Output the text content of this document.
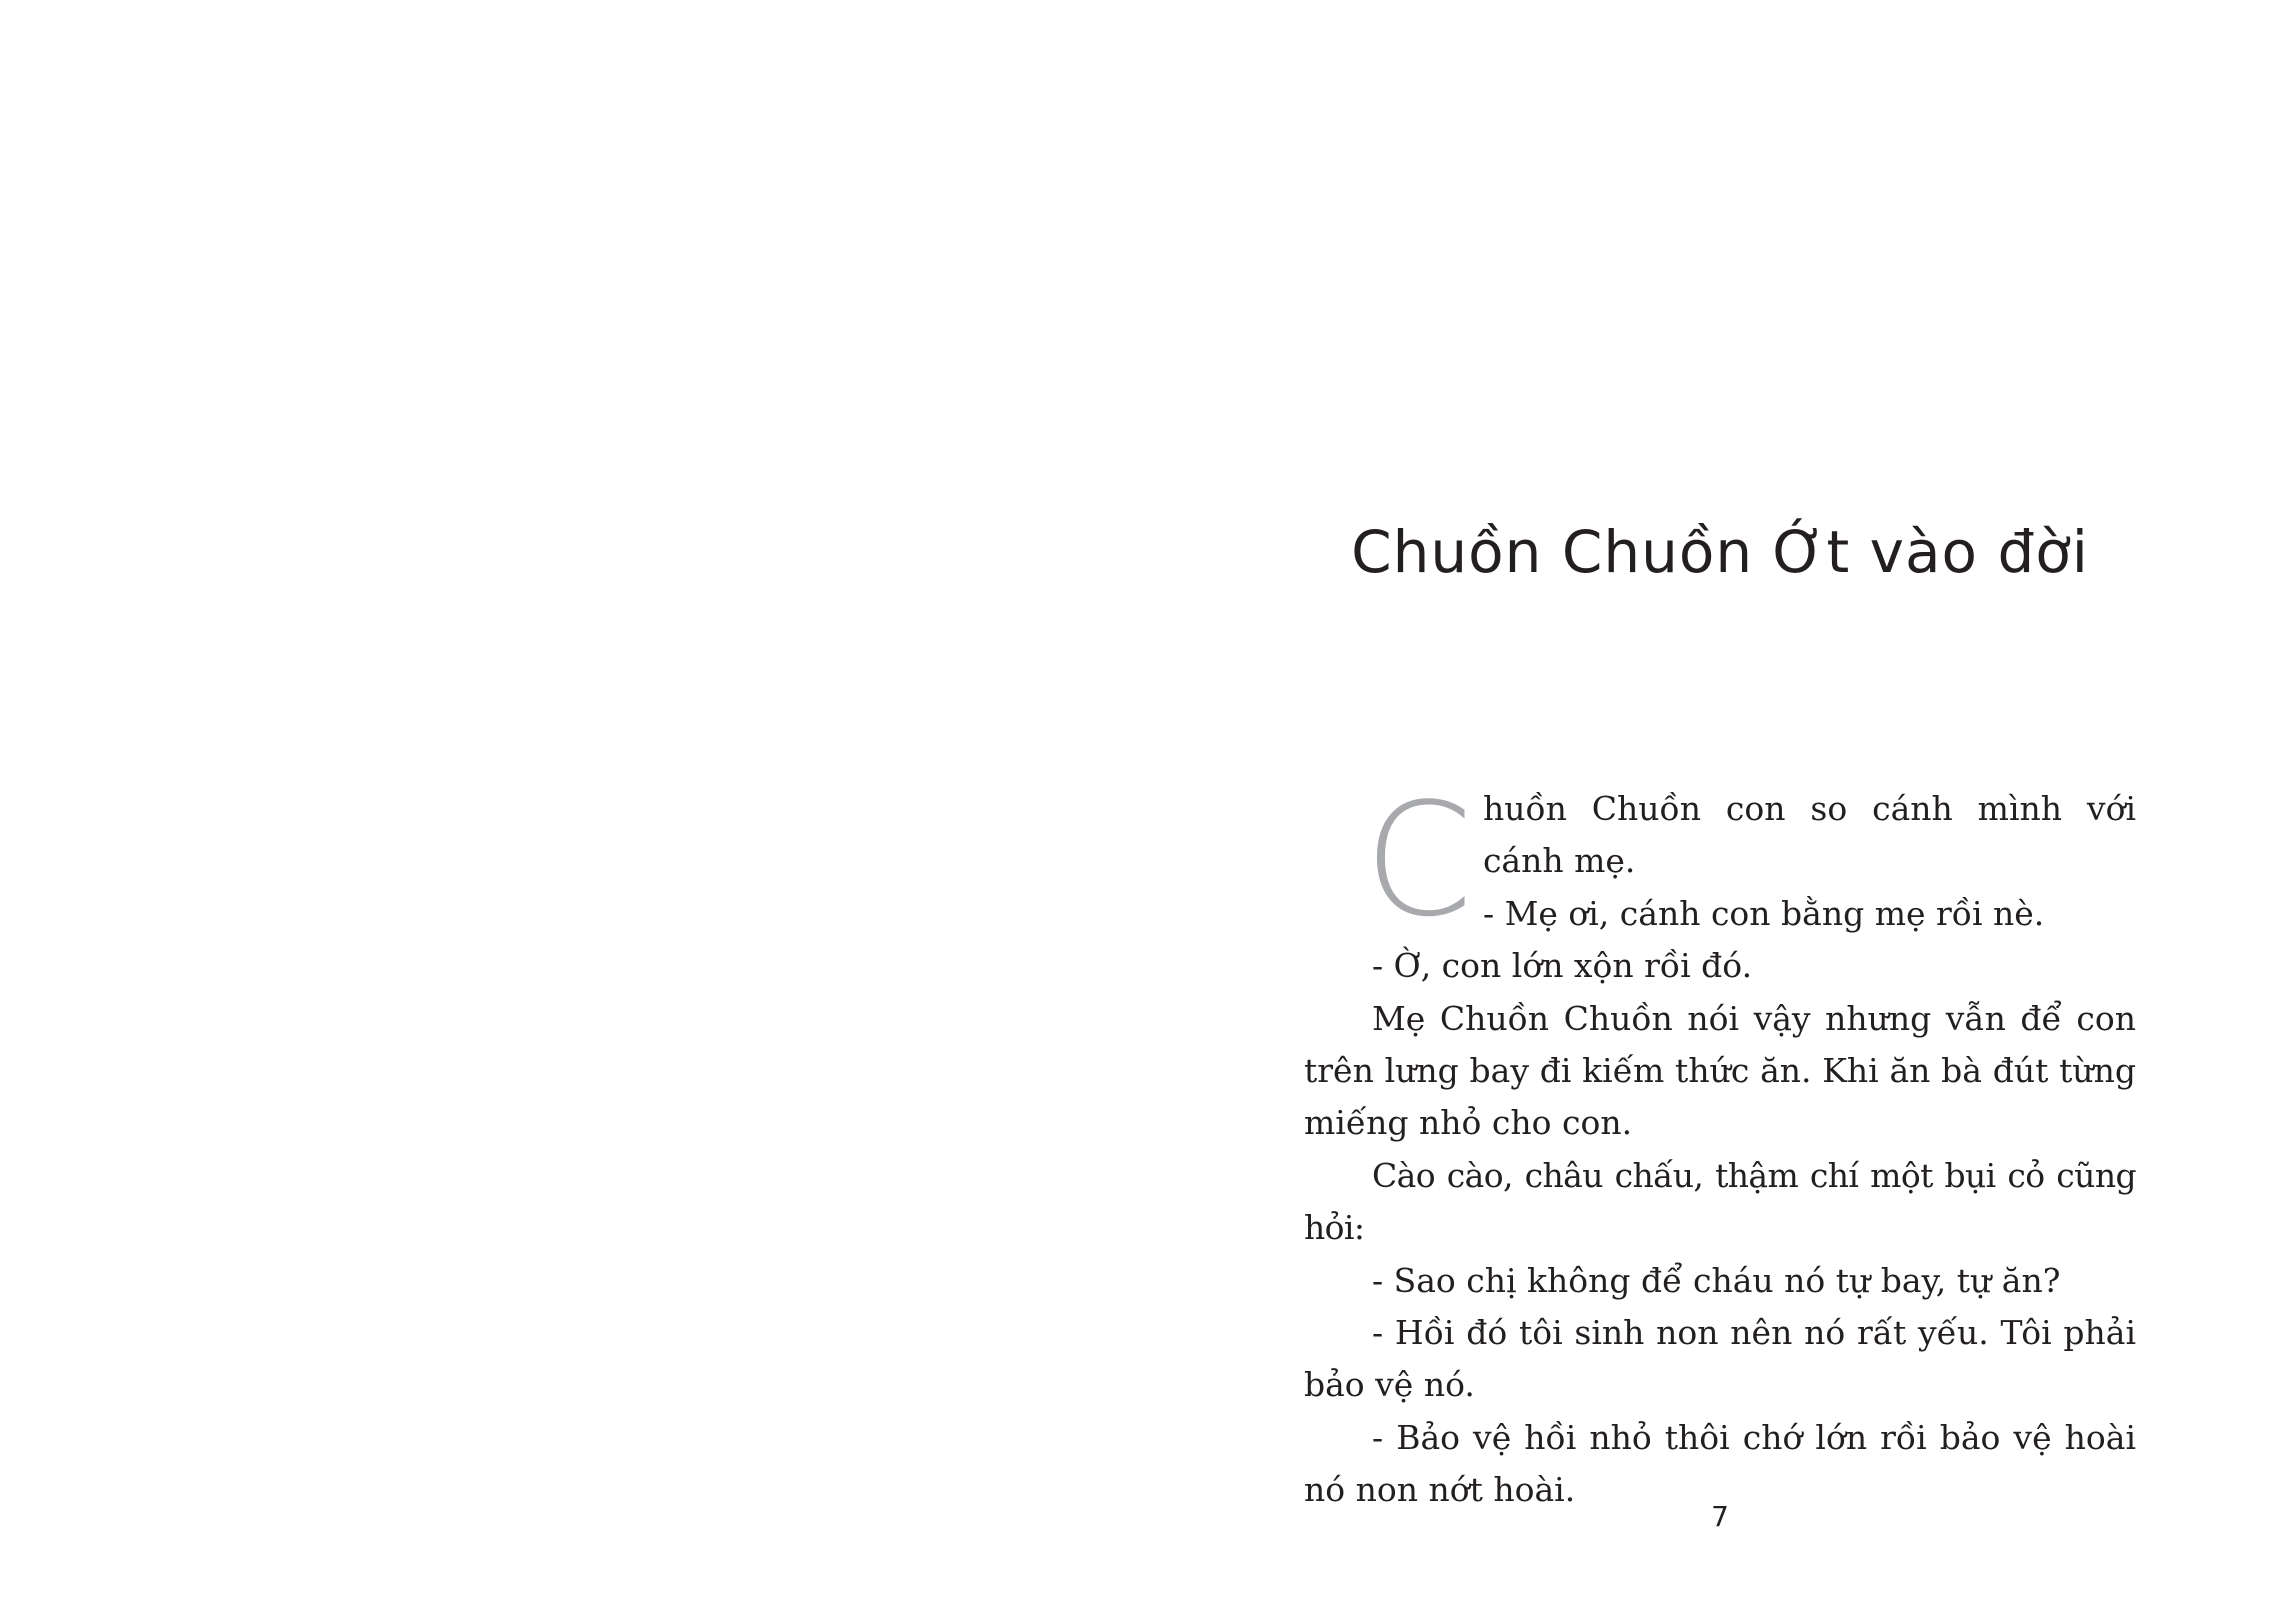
Chuồn Chuồn Ớt vào đời
C huồn Chuồn con so cánh mình với cánh mẹ.

- Mẹ ơi, cánh con bằng mẹ rồi nè.

- Ờ, con lớn xộn rồi đó.

Mẹ Chuồn Chuồn nói vậy nhưng vẫn để con trên lưng bay đi kiếm thức ăn. Khi ăn bà đút từng miếng nhỏ cho con.

Cào cào, châu chấu, thậm chí một bụi cỏ cũng hỏi:

- Sao chị không để cháu nó tự bay, tự ăn?

- Hồi đó tôi sinh non nên nó rất yếu. Tôi phải bảo vệ nó.

- Bảo vệ hồi nhỏ thôi chớ lớn rồi bảo vệ hoài nó non nớt hoài.

7
